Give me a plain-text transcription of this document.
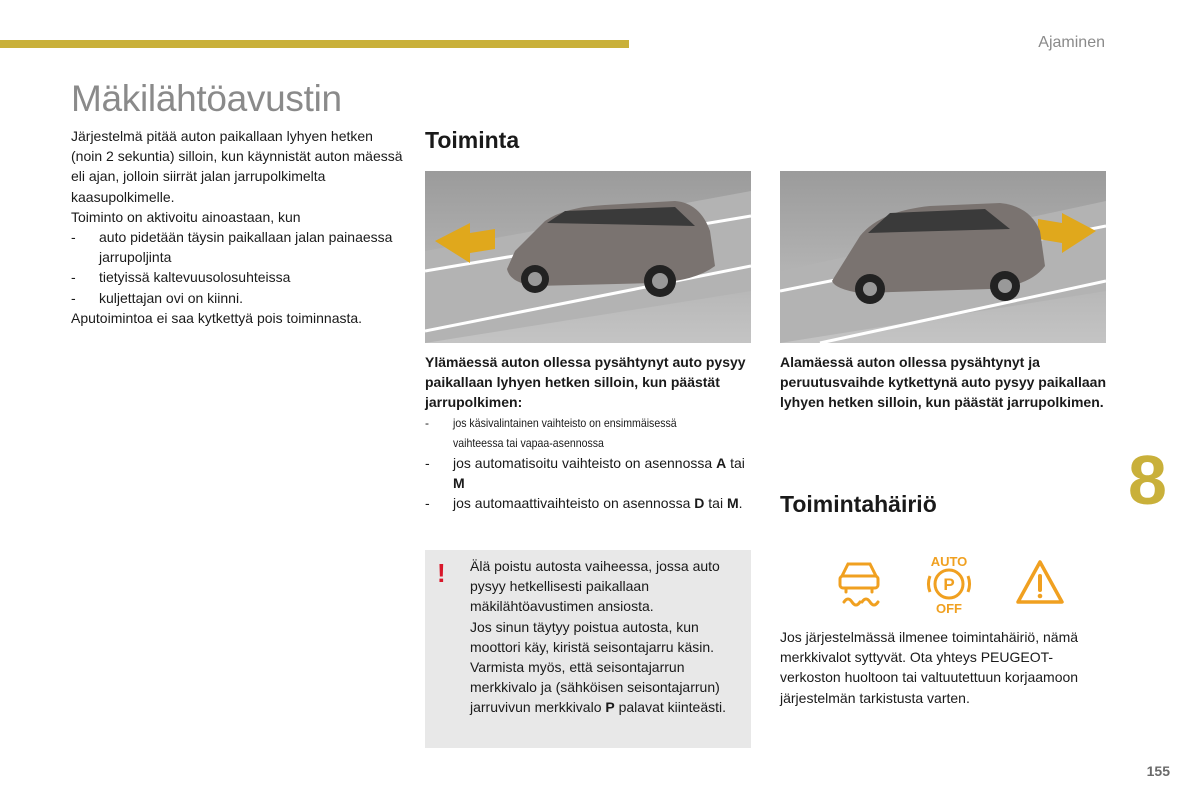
Ajaminen
Mäkilähtöavustin

Järjestelmä pitää auton paikallaan lyhyen hetken (noin 2 sekuntia) silloin, kun käynnistät auton mäessä eli ajan, jolloin siirrät jalan jarrupolkimelta kaasupolkimelle.

Toiminto on aktivoitu ainoastaan, kun

- auto pidetään täysin paikallaan jalan painaessa jarrupoljinta
- tietyissä kaltevuusolosuhteissa
- kuljettajan ovi on kiinni.

Aputoimintoa ei saa kytkettyä pois toiminnasta.

Toiminta
Ylämäessä auton ollessa pysähtynyt auto pysyy paikallaan lyhyen hetken silloin, kun päästät jarrupolkimen:
- jos käsivalintainen vaihteisto on ensimmäisessä vaihteessa tai vapaa-asennossa
- jos automatisoitu vaihteisto on asennossa A tai M
- jos automaattivaihteisto on asennossa D tai M.
Alamäessä auton ollessa pysähtynyt ja peruutusvaihde kytkettynä auto pysyy paikallaan lyhyen hetken silloin, kun päästät jarrupolkimen.
! Älä poistu autosta vaiheessa, jossa auto pysyy hetkellisesti paikallaan mäkilähtöavustimen ansiosta.
Jos sinun täytyy poistua autosta, kun moottori käy, kiristä seisontajarru käsin. Varmista myös, että seisontajarrun merkkivalo ja (sähköisen seisontajarrun) jarruvivun merkkivalo P palavat kiinteästi.
Toimintahäiriö
AUTO
P
OFF
Jos järjestelmässä ilmenee toimintahäiriö, nämä merkkivalot syttyvät. Ota yhteys PEUGEOT-verkoston huoltoon tai valtuutettuun korjaamoon järjestelmän tarkistusta varten.
8
155
